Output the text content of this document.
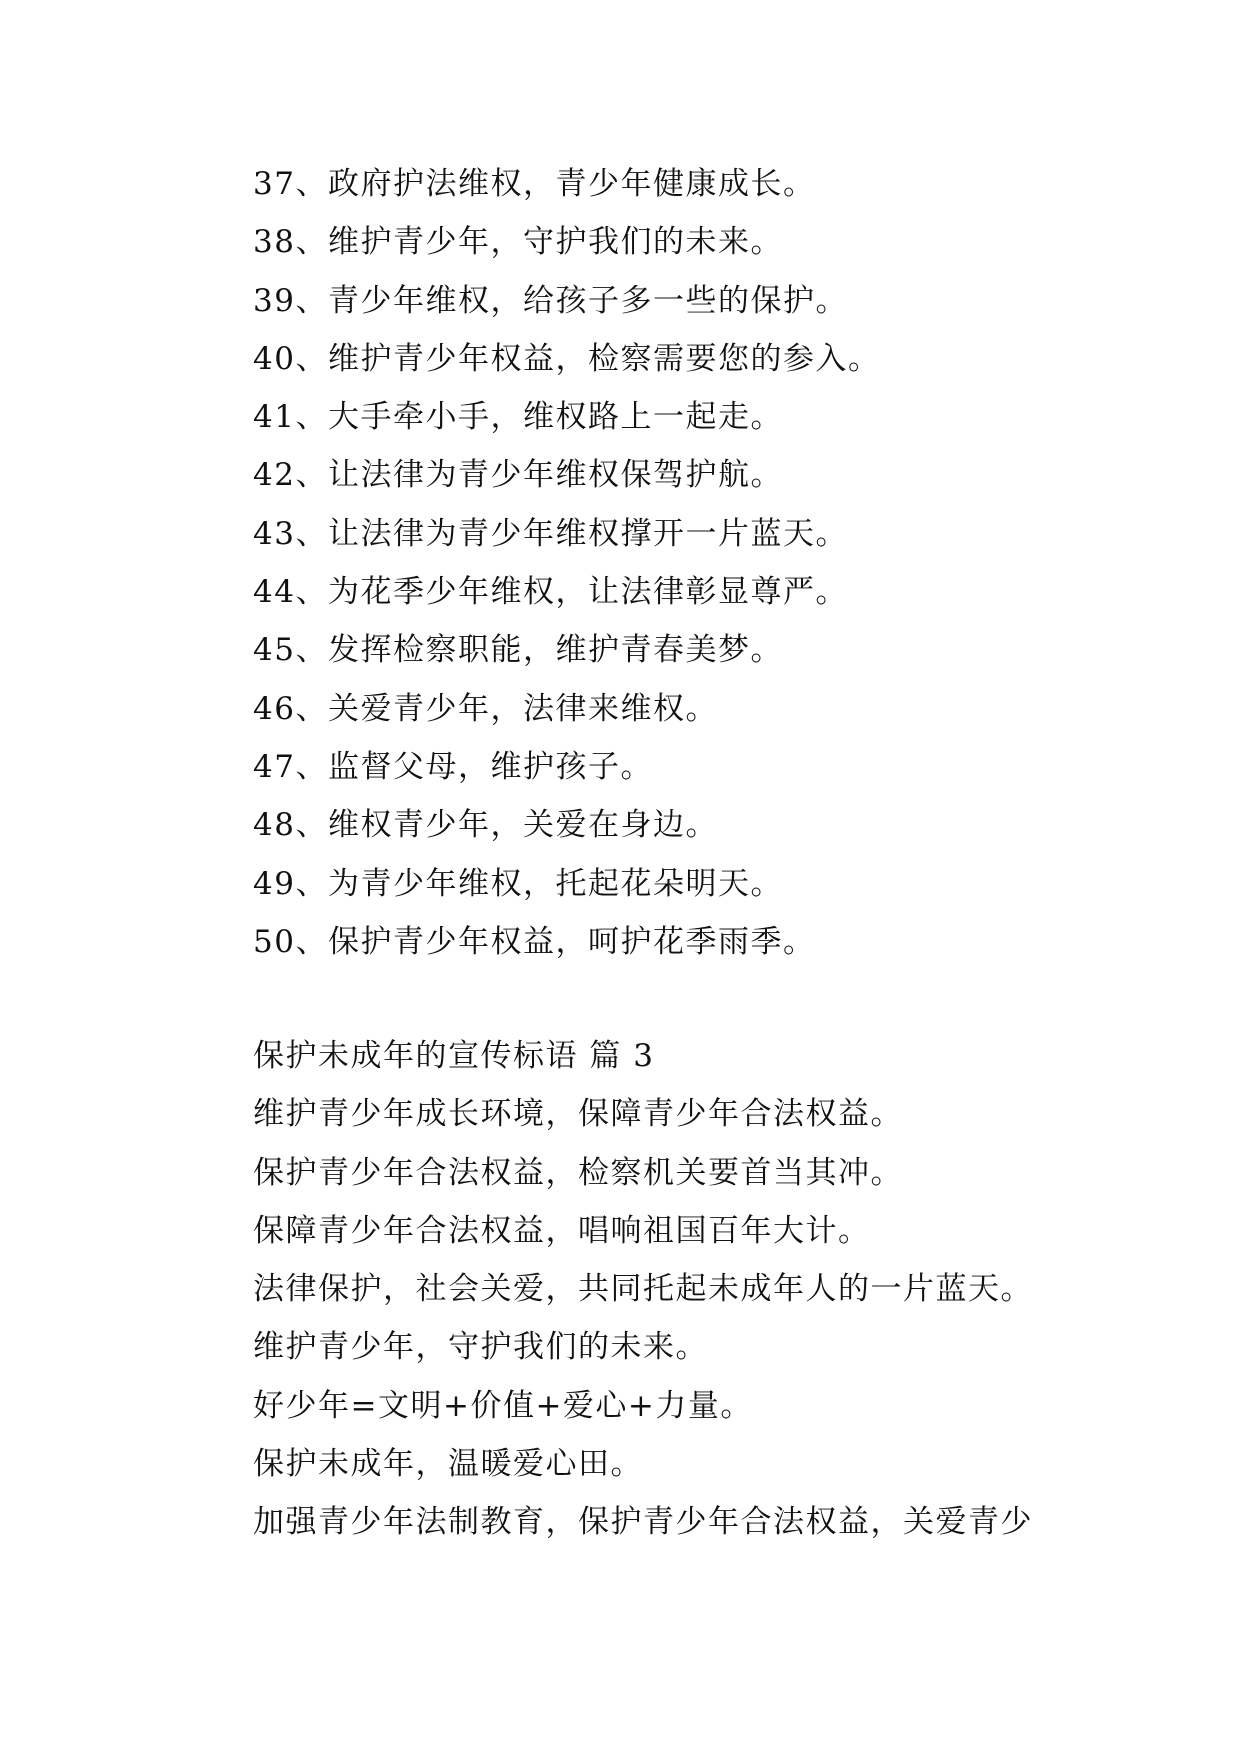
37、政府护法维权，青少年健康成长。
38、维护青少年，守护我们的未来。
39、青少年维权，给孩子多一些的保护。
40、维护青少年权益，检察需要您的参入。
41、大手牵小手，维权路上一起走。
42、让法律为青少年维权保驾护航。
43、让法律为青少年维权撑开一片蓝天。
44、为花季少年维权，让法律彰显尊严。
45、发挥检察职能，维护青春美梦。
46、关爱青少年，法律来维权。
47、监督父母，维护孩子。
48、维权青少年，关爱在身边。
49、为青少年维权，托起花朵明天。
50、保护青少年权益，呵护花季雨季。
保护未成年的宣传标语 篇 3
维护青少年成长环境，保障青少年合法权益。
保护青少年合法权益，检察机关要首当其冲。
保障青少年合法权益，唱响祖国百年大计。
法律保护，社会关爱，共同托起未成年人的一片蓝天。
维护青少年，守护我们的未来。
好少年=文明+价值+爱心+力量。
保护未成年，温暖爱心田。
加强青少年法制教育，保护青少年合法权益，关爱青少
